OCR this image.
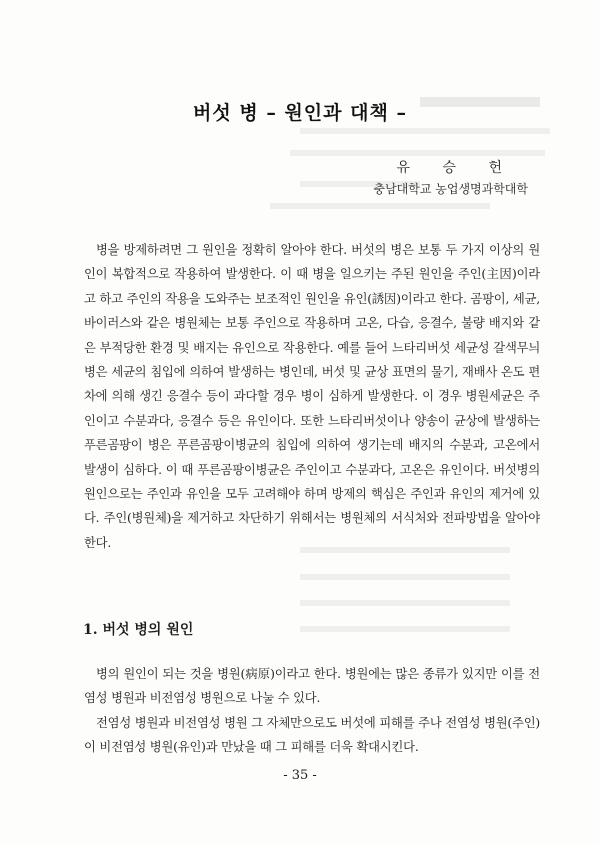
버섯 병 – 원인과 대책 –
유 승 헌
충남대학교 농업생명과학대학
병을 방제하려면 그 원인을 정확히 알아야 한다. 버섯의 병은 보통 두 가지 이상의 원인이 복합적으로 작용하여 발생한다. 이 때 병을 일으키는 주된 원인을 주인(主因)이라고 하고 주인의 작용을 도와주는 보조적인 원인을 유인(誘因)이라고 한다. 곰팡이, 세균, 바이러스와 같은 병원체는 보통 주인으로 작용하며 고온, 다습, 응결수, 불량 배지와 같은 부적당한 환경 및 배지는 유인으로 작용한다. 예를 들어 느타리버섯 세균성 갈색무늬병은 세균의 침입에 의하여 발생하는 병인데, 버섯 및 균상 표면의 물기, 재배사 온도 편차에 의해 생긴 응결수 등이 과다할 경우 병이 심하게 발생한다. 이 경우 병원세균은 주인이고 수분과다, 응결수 등은 유인이다. 또한 느타리버섯이나 양송이 균상에 발생하는 푸른곰팡이 병은 푸른곰팡이병균의 침입에 의하여 생기는데 배지의 수분과, 고온에서 발생이 심하다. 이 때 푸른곰팡이병균은 주인이고 수분과다, 고온은 유인이다. 버섯병의 원인으로는 주인과 유인을 모두 고려해야 하며 방제의 핵심은 주인과 유인의 제거에 있다. 주인(병원체)을 제거하고 차단하기 위해서는 병원체의 서식처와 전파방법을 알아야 한다.
1. 버섯 병의 원인
병의 원인이 되는 것을 병원(病原)이라고 한다. 병원에는 많은 종류가 있지만 이를 전염성 병원과 비전염성 병원으로 나눌 수 있다.
전염성 병원과 비전염성 병원 그 자체만으로도 버섯에 피해를 주나 전염성 병원(주인)이 비전염성 병원(유인)과 만났을 때 그 피해를 더욱 확대시킨다.
- 35 -
